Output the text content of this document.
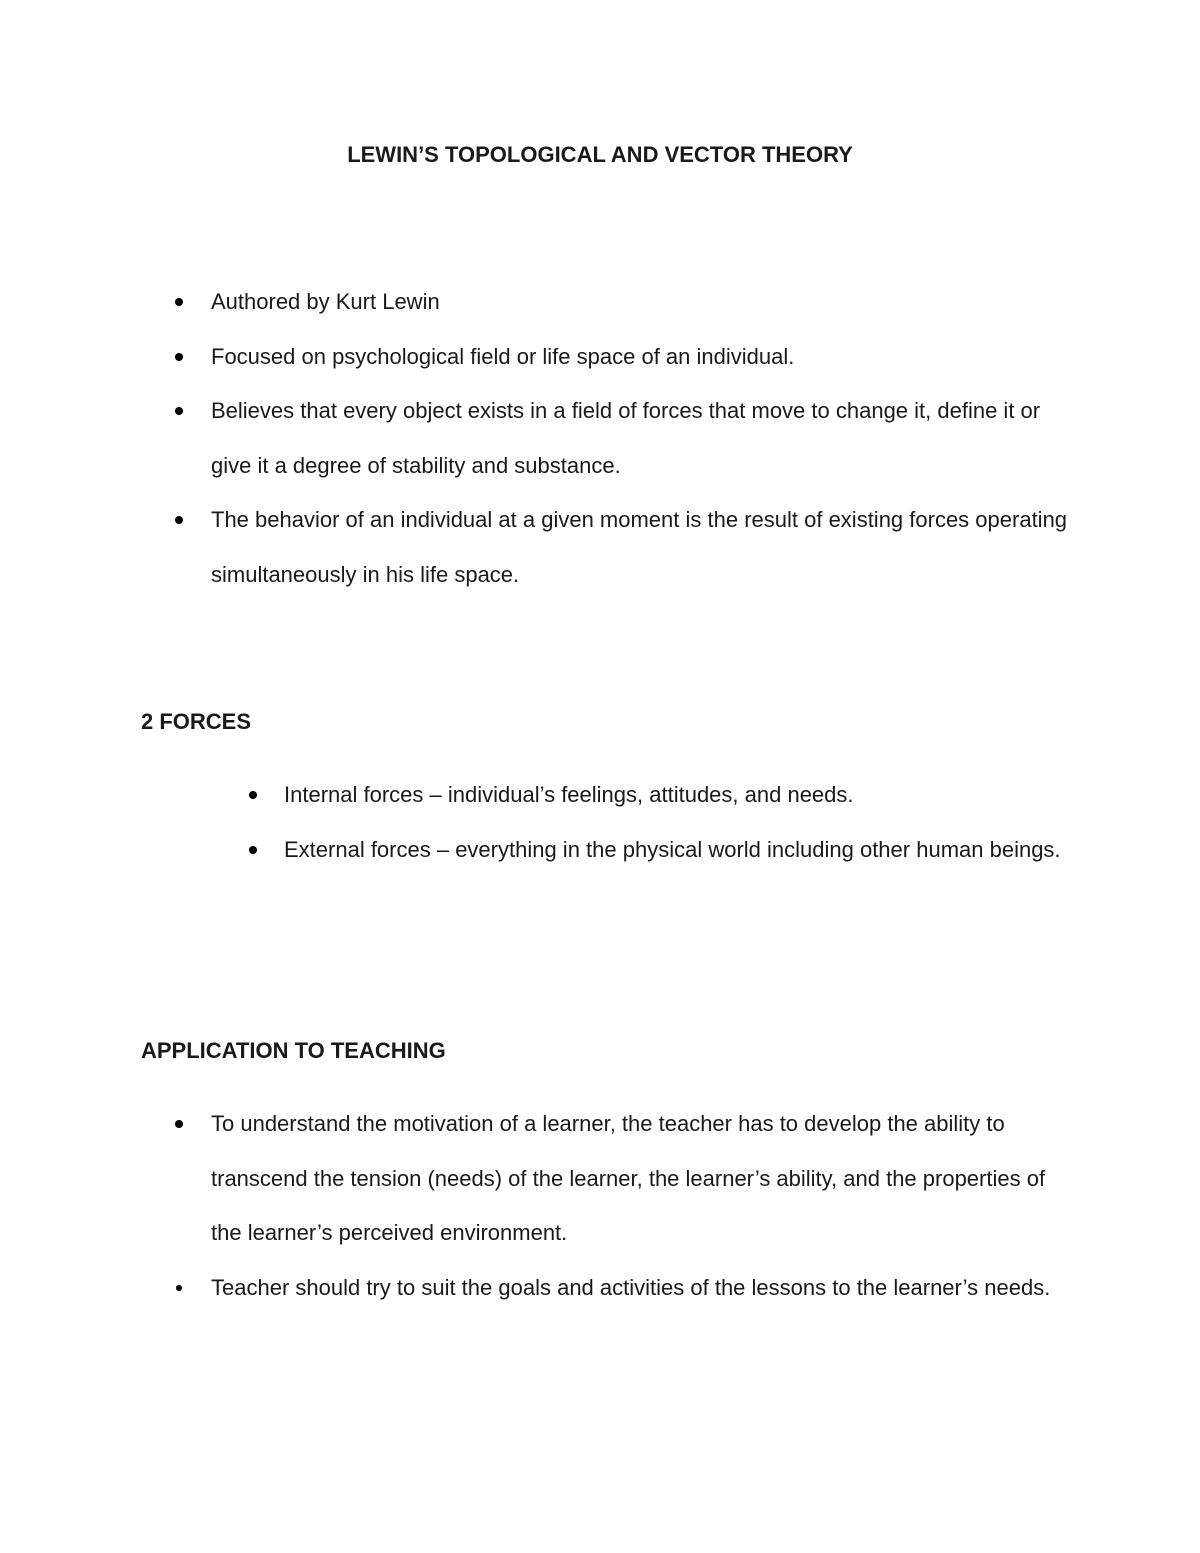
LEWIN’S TOPOLOGICAL AND VECTOR THEORY
Authored by Kurt Lewin
Focused on psychological field or life space of an individual.
Believes that every object exists in a field of forces that move to change it, define it or give it a degree of stability and substance.
The behavior of an individual at a given moment is the result of existing forces operating simultaneously in his life space.
2 FORCES
Internal forces – individual’s feelings, attitudes, and needs.
External forces – everything in the physical world including other human beings.
APPLICATION TO TEACHING
To understand the motivation of a learner, the teacher has to develop the ability to transcend the tension (needs) of the learner, the learner’s ability, and the properties of the learner’s perceived environment.
Teacher should try to suit the goals and activities of the lessons to the learner’s needs.
